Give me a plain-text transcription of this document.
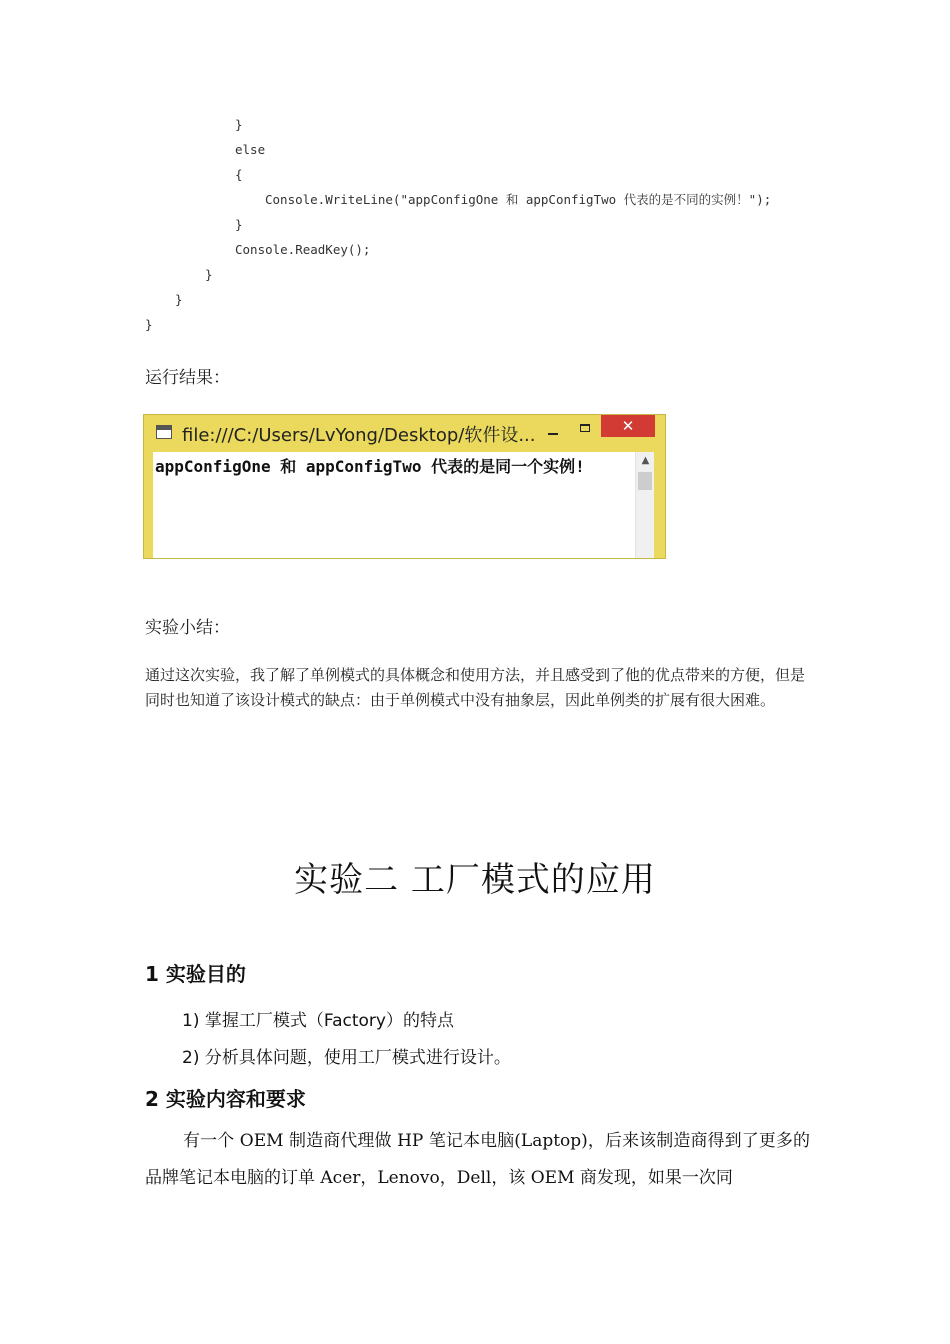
}
else
{
Console.WriteLine("appConfigOne 和 appConfigTwo 代表的是不同的实例！");
}
Console.ReadKey();
}
}
}
运行结果：
file:///C:/Users/LvYong/Desktop/软件设...	✕
appConfigOne 和 appConfigTwo 代表的是同一个实例!	▲
实验小结：
通过这次实验，我了解了单例模式的具体概念和使用方法，并且感受到了他的优点带来的方便，但是同时也知道了该设计模式的缺点：由于单例模式中没有抽象层，因此单例类的扩展有很大困难。
实验二 工厂模式的应用
1 实验目的
1) 掌握工厂模式（Factory）的特点
2) 分析具体问题，使用工厂模式进行设计。
2 实验内容和要求
有一个 OEM 制造商代理做 HP 笔记本电脑(Laptop)，后来该制造商得到了更多的品牌笔记本电脑的订单 Acer，Lenovo，Dell，该 OEM 商发现，如果一次同
